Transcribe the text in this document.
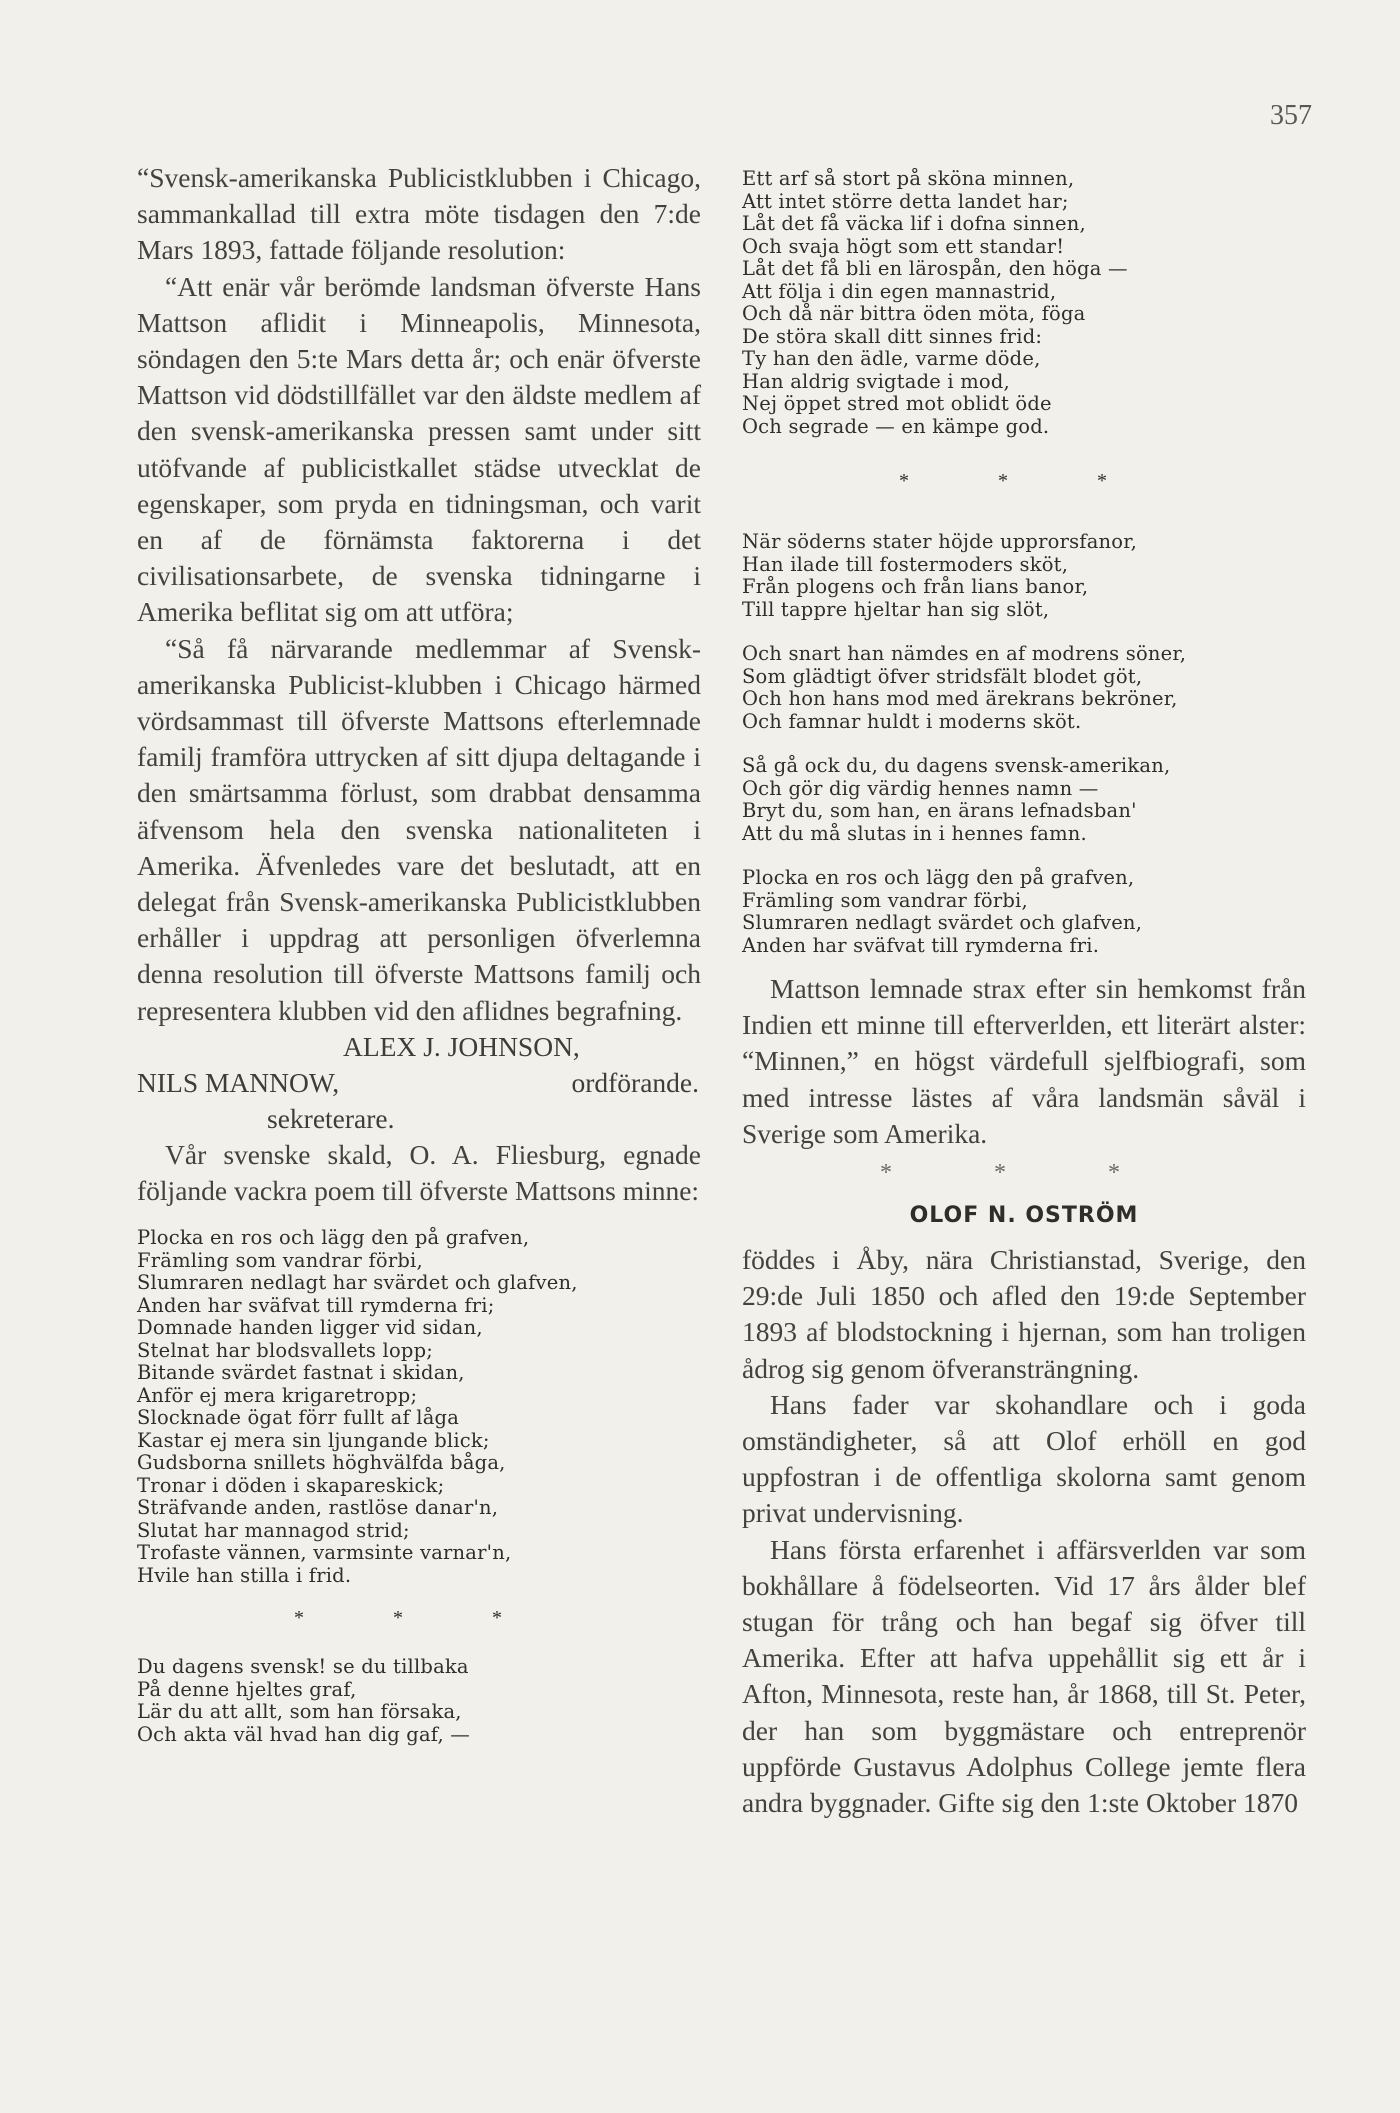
357

“Svensk-amerikanska Publicistklubben i Chicago, sammankallad till extra möte tisdagen den 7:de Mars 1893, fattade följande resolution:

“Att enär vår berömde landsman öfverste Hans Mattson aflidit i Minneapolis, Minnesota, söndagen den 5:te Mars detta år; och enär öfverste Mattson vid dödstillfället var den äldste medlem af den svensk-amerikanska pressen samt under sitt utöfvande af publicistkallet städse utvecklat de egenskaper, som pryda en tidningsman, och varit en af de förnämsta faktorerna i det civilisationsarbete, de svenska tidningarne i Amerika beflitat sig om att utföra;

“Så få närvarande medlemmar af Svensk-amerikanska Publicist-klubben i Chicago härmed vördsammast till öfverste Mattsons efterlemnade familj framföra uttrycken af sitt djupa deltagande i den smärtsamma förlust, som drabbat densamma äfvensom hela den svenska nationaliteten i Amerika. Äfvenledes vare det beslutadt, att en delegat från Svensk-amerikanska Publicistklubben erhåller i uppdrag att personligen öfverlemna denna resolution till öfverste Mattsons familj och representera klubben vid den aflidnes begrafning.

ALEX J. JOHNSON,
NILS MANNOW,	ordförande.
sekreterare.

Vår svenske skald, O. A. Fliesburg, egnade följande vackra poem till öfverste Mattsons minne:

Plocka en ros och lägg den på grafven,
Främling som vandrar förbi,
Slumraren nedlagt har svärdet och glafven,
Anden har sväfvat till rymderna fri;
Domnade handen ligger vid sidan,
Stelnat har blodsvallets lopp;
Bitande svärdet fastnat i skidan,
Anför ej mera krigaretropp;
Slocknade ögat förr fullt af låga
Kastar ej mera sin ljungande blick;
Gudsborna snillets höghvälfda båga,
Tronar i döden i skapareskick;
Sträfvande anden, rastlöse danar'n,
Slutat har mannagod strid;
Trofaste vännen, varmsinte varnar'n,
Hvile han stilla i frid.
* * *
Du dagens svensk! se du tillbaka
På denne hjeltes graf,
Lär du att allt, som han försaka,
Och akta väl hvad han dig gaf, —
Ett arf så stort på sköna minnen,
Att intet större detta landet har;
Låt det få väcka lif i dofna sinnen,
Och svaja högt som ett standar!
Låt det få bli en lärospån, den höga —
Att följa i din egen mannastrid,
Och då när bittra öden möta, föga
De störa skall ditt sinnes frid:
Ty han den ädle, varme döde,
Han aldrig svigtade i mod,
Nej öppet stred mot oblidt öde
Och segrade — en kämpe god.
* * *
När söderns stater höjde upprorsfanor,
Han ilade till fostermoders sköt,
Från plogens och från lians banor,
Till tappre hjeltar han sig slöt,
Och snart han nämdes en af modrens söner,
Som glädtigt öfver stridsfält blodet göt,
Och hon hans mod med ärekrans bekröner,
Och famnar huldt i moderns sköt.
Så gå ock du, du dagens svensk-amerikan,
Och gör dig värdig hennes namn —
Bryt du, som han, en ärans lefnadsban'
Att du må slutas in i hennes famn.
Plocka en ros och lägg den på grafven,
Främling som vandrar förbi,
Slumraren nedlagt svärdet och glafven,
Anden har sväfvat till rymderna fri.

Mattson lemnade strax efter sin hemkomst från Indien ett minne till efterverlden, ett literärt alster: “Minnen,” en högst värdefull sjelfbiografi, som med intresse lästes af våra landsmän såväl i Sverige som Amerika.

* * *
OLOF N. OSTRÖM

föddes i Åby, nära Christianstad, Sverige, den 29:de Juli 1850 och afled den 19:de September 1893 af blodstockning i hjernan, som han troligen ådrog sig genom öfveransträngning.

Hans fader var skohandlare och i goda omständigheter, så att Olof erhöll en god uppfostran i de offentliga skolorna samt genom privat undervisning.

Hans första erfarenhet i affärsverlden var som bokhållare å födelseorten. Vid 17 års ålder blef stugan för trång och han begaf sig öfver till Amerika. Efter att hafva uppehållit sig ett år i Afton, Minnesota, reste han, år 1868, till St. Peter, der han som byggmästare och entreprenör uppförde Gustavus Adolphus College jemte flera andra byggnader. Gifte sig den 1:ste Oktober 1870
